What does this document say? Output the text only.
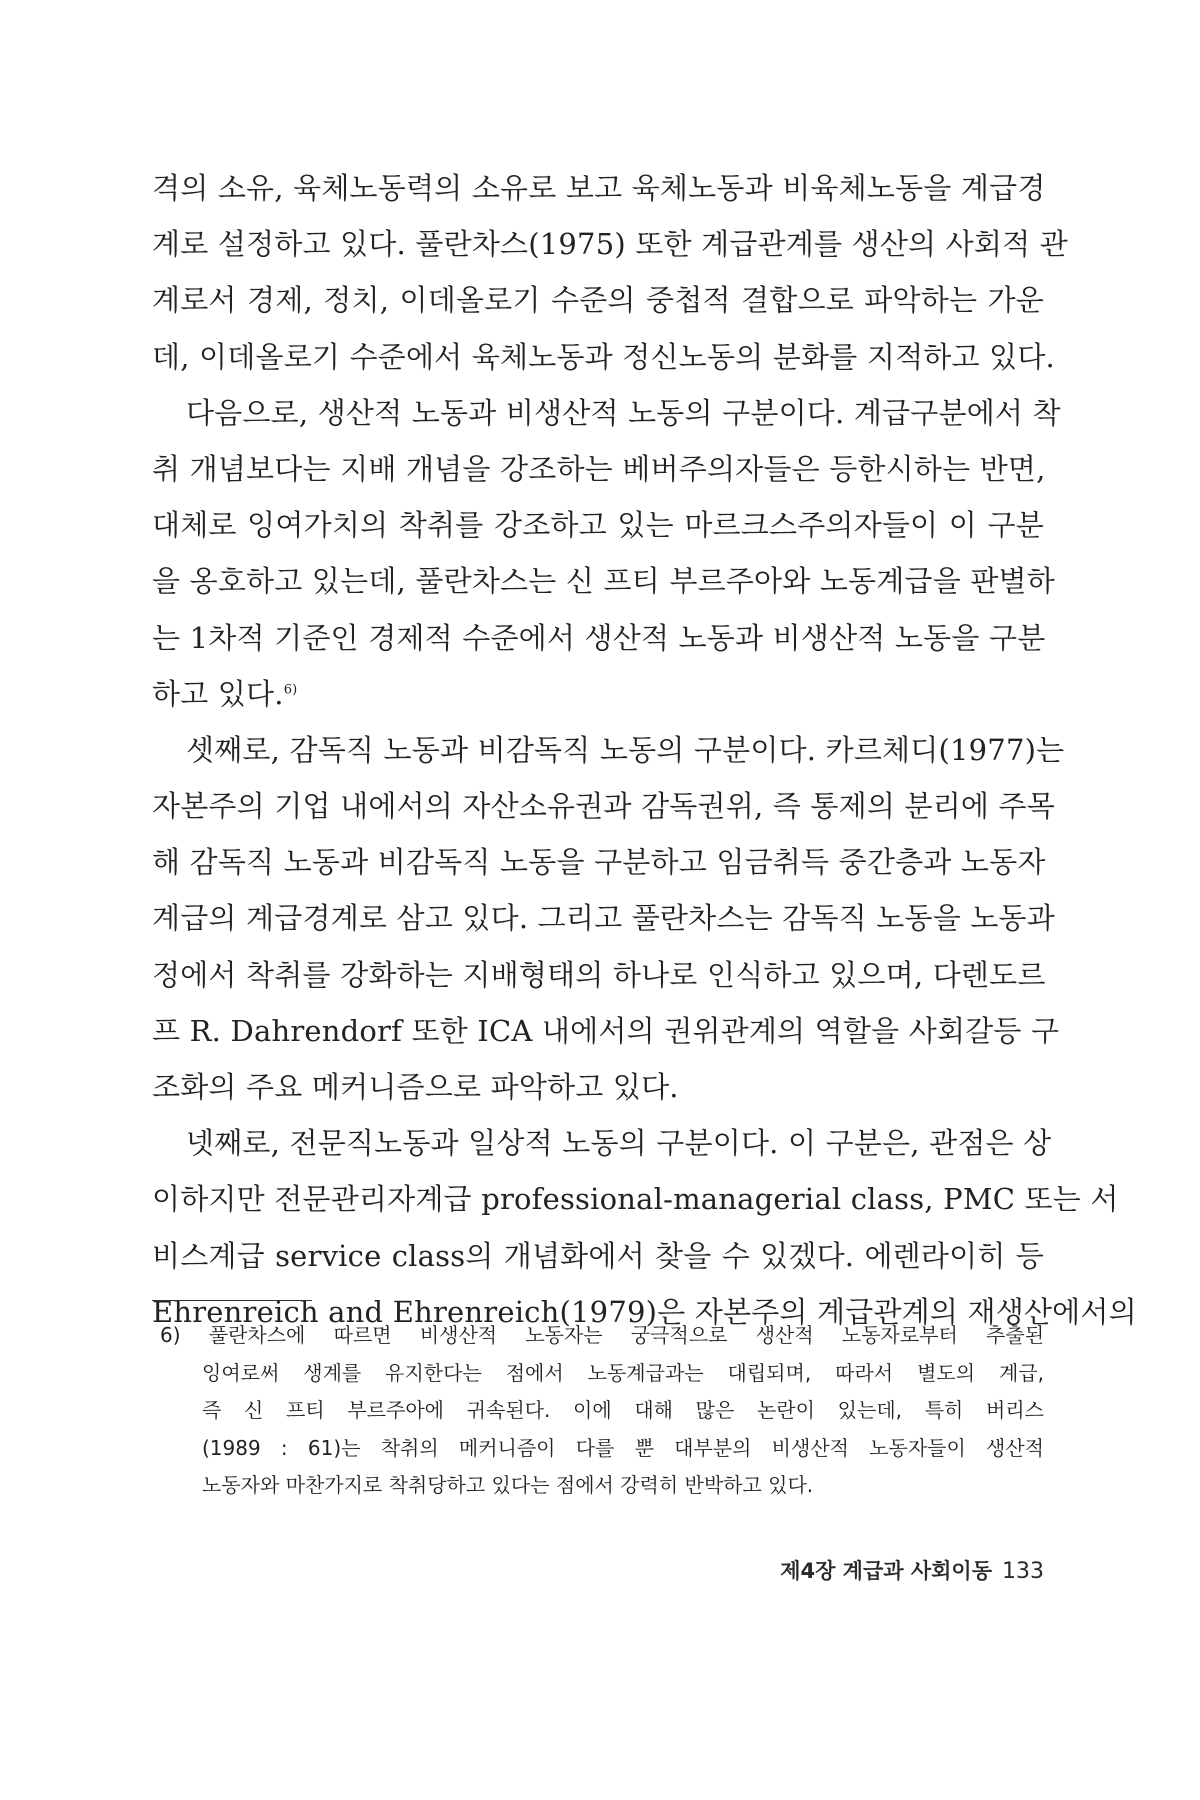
격의 소유, 육체노동력의 소유로 보고 육체노동과 비육체노동을 계급경
계로 설정하고 있다. 풀란차스(1975) 또한 계급관계를 생산의 사회적 관
계로서 경제, 정치, 이데올로기 수준의 중첩적 결합으로 파악하는 가운
데, 이데올로기 수준에서 육체노동과 정신노동의 분화를 지적하고 있다.
다음으로, 생산적 노동과 비생산적 노동의 구분이다. 계급구분에서 착
취 개념보다는 지배 개념을 강조하는 베버주의자들은 등한시하는 반면,
대체로 잉여가치의 착취를 강조하고 있는 마르크스주의자들이 이 구분
을 옹호하고 있는데, 풀란차스는 신 프티 부르주아와 노동계급을 판별하
는 1차적 기준인 경제적 수준에서 생산적 노동과 비생산적 노동을 구분
하고 있다.$^{6)}$
셋째로, 감독직 노동과 비감독직 노동의 구분이다. 카르체디(1977)는
자본주의 기업 내에서의 자산소유권과 감독권위, 즉 통제의 분리에 주목
해 감독직 노동과 비감독직 노동을 구분하고 임금취득 중간층과 노동자
계급의 계급경계로 삼고 있다. 그리고 풀란차스는 감독직 노동을 노동과
정에서 착취를 강화하는 지배형태의 하나로 인식하고 있으며, 다렌도르
프 R. Dahrendorf 또한 ICA 내에서의 권위관계의 역할을 사회갈등 구
조화의 주요 메커니즘으로 파악하고 있다.
넷째로, 전문직노동과 일상적 노동의 구분이다. 이 구분은, 관점은 상
이하지만 전문관리자계급 professional-managerial class, PMC 또는 서
비스계급 service class의 개념화에서 찾을 수 있겠다. 에렌라이히 등
Ehrenreich and Ehrenreich(1979)은 자본주의 계급관계의 재생산에서의
6) 풀란차스에 따르면 비생산적 노동자는 궁극적으로 생산적 노동자로부터 추출된
잉여로써 생계를 유지한다는 점에서 노동계급과는 대립되며, 따라서 별도의 계급,
즉 신 프티 부르주아에 귀속된다. 이에 대해 많은 논란이 있는데, 특히 버리스
(1989 : 61)는 착취의 메커니즘이 다를 뿐 대부분의 비생산적 노동자들이 생산적
노동자와 마찬가지로 착취당하고 있다는 점에서 강력히 반박하고 있다.
제4장 계급과 사회이동 133
